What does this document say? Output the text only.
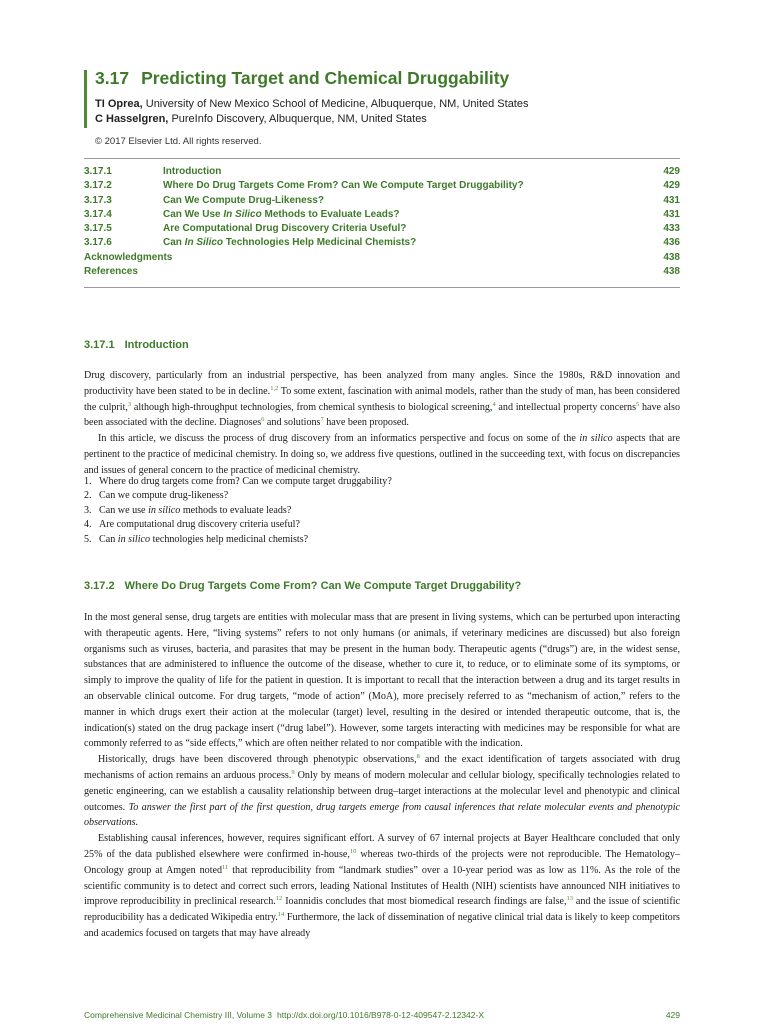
3.17 Predicting Target and Chemical Druggability
TI Oprea, University of New Mexico School of Medicine, Albuquerque, NM, United States
C Hasselgren, PureInfo Discovery, Albuquerque, NM, United States
© 2017 Elsevier Ltd. All rights reserved.
3.17.1	Introduction	429
3.17.2	Where Do Drug Targets Come From? Can We Compute Target Druggability?	429
3.17.3	Can We Compute Drug-Likeness?	431
3.17.4	Can We Use In Silico Methods to Evaluate Leads?	431
3.17.5	Are Computational Drug Discovery Criteria Useful?	433
3.17.6	Can In Silico Technologies Help Medicinal Chemists?	436
Acknowledgments	438
References	438
3.17.1 Introduction

Drug discovery, particularly from an industrial perspective, has been analyzed from many angles. Since the 1980s, R&D innovation and productivity have been stated to be in decline.$^{1,2}$ To some extent, fascination with animal models, rather than the study of man, has been considered the culprit,$^3$ although high-throughput technologies, from chemical synthesis to biological screening,$^4$ and intellectual property concerns$^5$ have also been associated with the decline. Diagnoses$^6$ and solutions$^7$ have been proposed.

In this article, we discuss the process of drug discovery from an informatics perspective and focus on some of the in silico aspects that are pertinent to the practice of medicinal chemistry. In doing so, we address five questions, outlined in the succeeding text, with focus on discrepancies and issues of general concern to the practice of medicinal chemistry.

1. Where do drug targets come from? Can we compute target druggability?
2. Can we compute drug-likeness?
3. Can we use in silico methods to evaluate leads?
4. Are computational drug discovery criteria useful?
5. Can in silico technologies help medicinal chemists?
3.17.2 Where Do Drug Targets Come From? Can We Compute Target Druggability?

In the most general sense, drug targets are entities with molecular mass that are present in living systems, which can be perturbed upon interacting with therapeutic agents. Here, “living systems” refers to not only humans (or animals, if veterinary medicines are discussed) but also foreign organisms such as viruses, bacteria, and parasites that may be present in the human body. Therapeutic agents (“drugs”) are, in the widest sense, substances that are administered to influence the outcome of the disease, whether to cure it, to reduce, or to eliminate some of its symptoms, or simply to improve the quality of life for the patient in question. It is important to recall that the interaction between a drug and its target results in an observable clinical outcome. For drug targets, “mode of action” (MoA), more precisely referred to as “mechanism of action,” refers to the manner in which drugs exert their action at the molecular (target) level, resulting in the desired or intended therapeutic outcome, that is, the indication(s) stated on the drug package insert (“drug label”). However, some targets interacting with medicines may be responsible for what are commonly referred to as “side effects,” which are often neither related to nor compatible with the indication.

Historically, drugs have been discovered through phenotypic observations,$^8$ and the exact identification of targets associated with drug mechanisms of action remains an arduous process.$^9$ Only by means of modern molecular and cellular biology, specifically technologies related to genetic engineering, can we establish a causality relationship between drug–target interactions at the molecular level and phenotypic and clinical outcomes. To answer the first part of the first question, drug targets emerge from causal inferences that relate molecular events and phenotypic observations.

Establishing causal inferences, however, requires significant effort. A survey of 67 internal projects at Bayer Healthcare concluded that only 25% of the data published elsewhere were confirmed in-house,$^{10}$ whereas two-thirds of the projects were not reproducible. The Hematology–Oncology group at Amgen noted$^{11}$ that reproducibility from “landmark studies” over a 10-year period was as low as 11%. As the role of the scientific community is to detect and correct such errors, leading National Institutes of Health (NIH) scientists have announced NIH initiatives to improve reproducibility in preclinical research.$^{12}$ Ioannidis concludes that most biomedical research findings are false,$^{13}$ and the issue of scientific reproducibility has a dedicated Wikipedia entry.$^{14}$ Furthermore, the lack of dissemination of negative clinical trial data is likely to keep competitors and academics focused on targets that may have already

Comprehensive Medicinal Chemistry III, Volume 3 http://dx.doi.org/10.1016/B978-0-12-409547-2.12342-X	429
